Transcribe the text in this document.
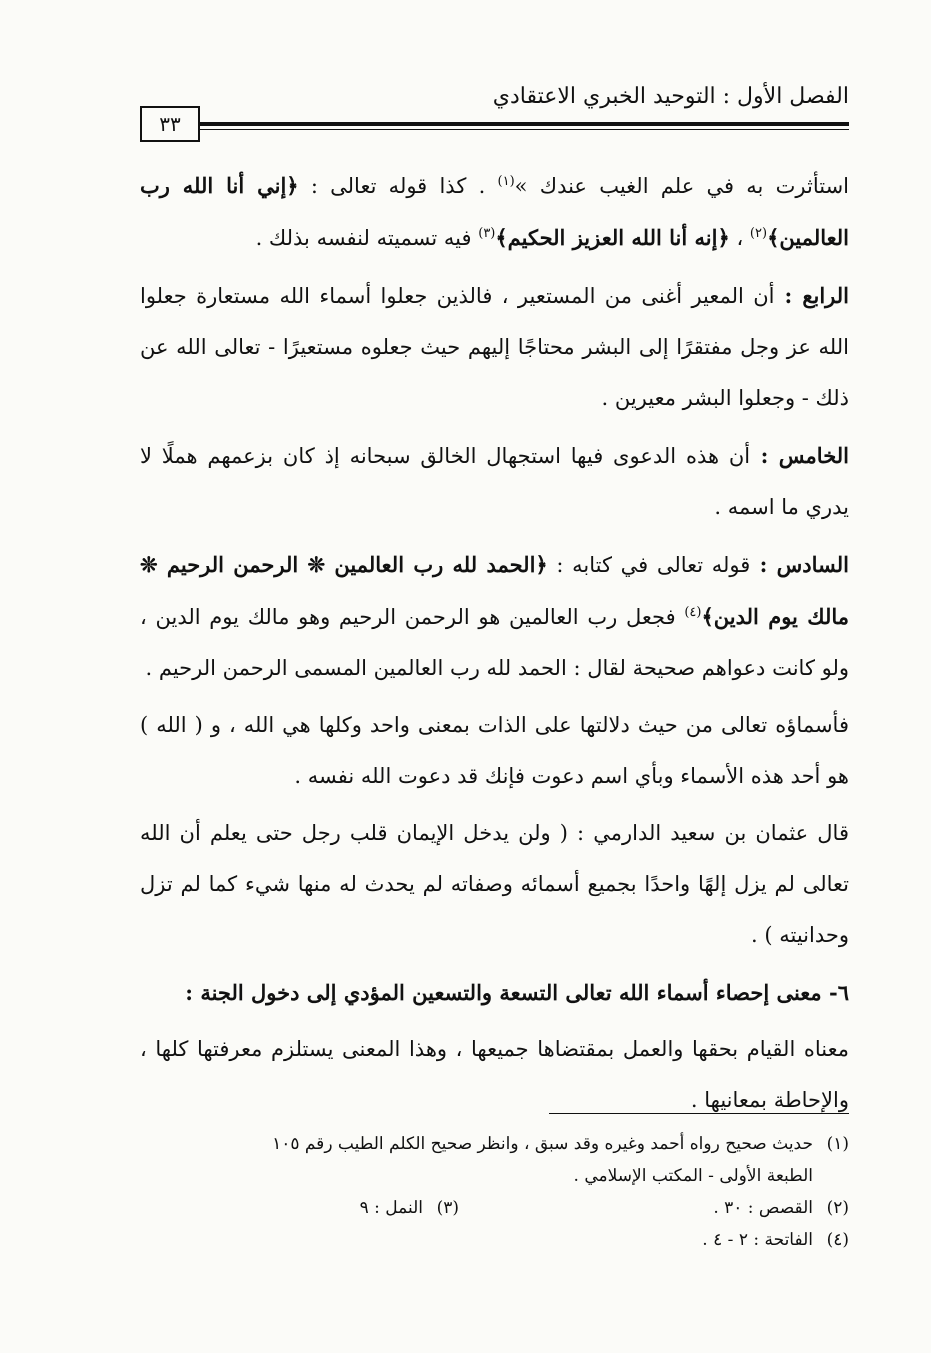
الفصل الأول : التوحيد الخبري الاعتقادي
٣٣

استأثرت به في علم الغيب عندك »$^{(١)}$ . كذا قوله تعالى : ﴿إني أنا الله رب العالمين﴾$^{(٢)}$ ، ﴿إنه أنا الله العزيز الحكيم﴾$^{(٣)}$ فيه تسميته لنفسه بذلك .

الرابع : أن المعير أغنى من المستعير ، فالذين جعلوا أسماء الله مستعارة جعلوا الله عز وجل مفتقرًا إلى البشر محتاجًا إليهم حيث جعلوه مستعيرًا - تعالى الله عن ذلك - وجعلوا البشر معيرين .

الخامس : أن هذه الدعوى فيها استجهال الخالق سبحانه إذ كان بزعمهم هملًا لا يدري ما اسمه .

السادس : قوله تعالى في كتابه : ﴿الحمد لله رب العالمين ❊ الرحمن الرحيم ❊ مالك يوم الدين﴾$^{(٤)}$ فجعل رب العالمين هو الرحمن الرحيم وهو مالك يوم الدين ، ولو كانت دعواهم صحيحة لقال : الحمد لله رب العالمين المسمى الرحمن الرحيم .

فأسماؤه تعالى من حيث دلالتها على الذات بمعنى واحد وكلها هي الله ، و ( الله ) هو أحد هذه الأسماء وبأي اسم دعوت فإنك قد دعوت الله نفسه .

قال عثمان بن سعيد الدارمي : ( ولن يدخل الإيمان قلب رجل حتى يعلم أن الله تعالى لم يزل إلهًا واحدًا بجميع أسمائه وصفاته لم يحدث له منها شيء كما لم تزل وحدانيته ) .

٦- معنى إحصاء أسماء الله تعالى التسعة والتسعين المؤدي إلى دخول الجنة :

معناه القيام بحقها والعمل بمقتضاها جميعها ، وهذا المعنى يستلزم معرفتها كلها ، والإحاطة بمعانيها .

(١)حديث صحيح رواه أحمد وغيره وقد سبق ، وانظر صحيح الكلم الطيب رقم ١٠٥

الطبعة الأولى - المكتب الإسلامي .

(٢)القصص : ٣٠ .

(٣)النمل : ٩

(٤)الفاتحة : ٢ - ٤ .
